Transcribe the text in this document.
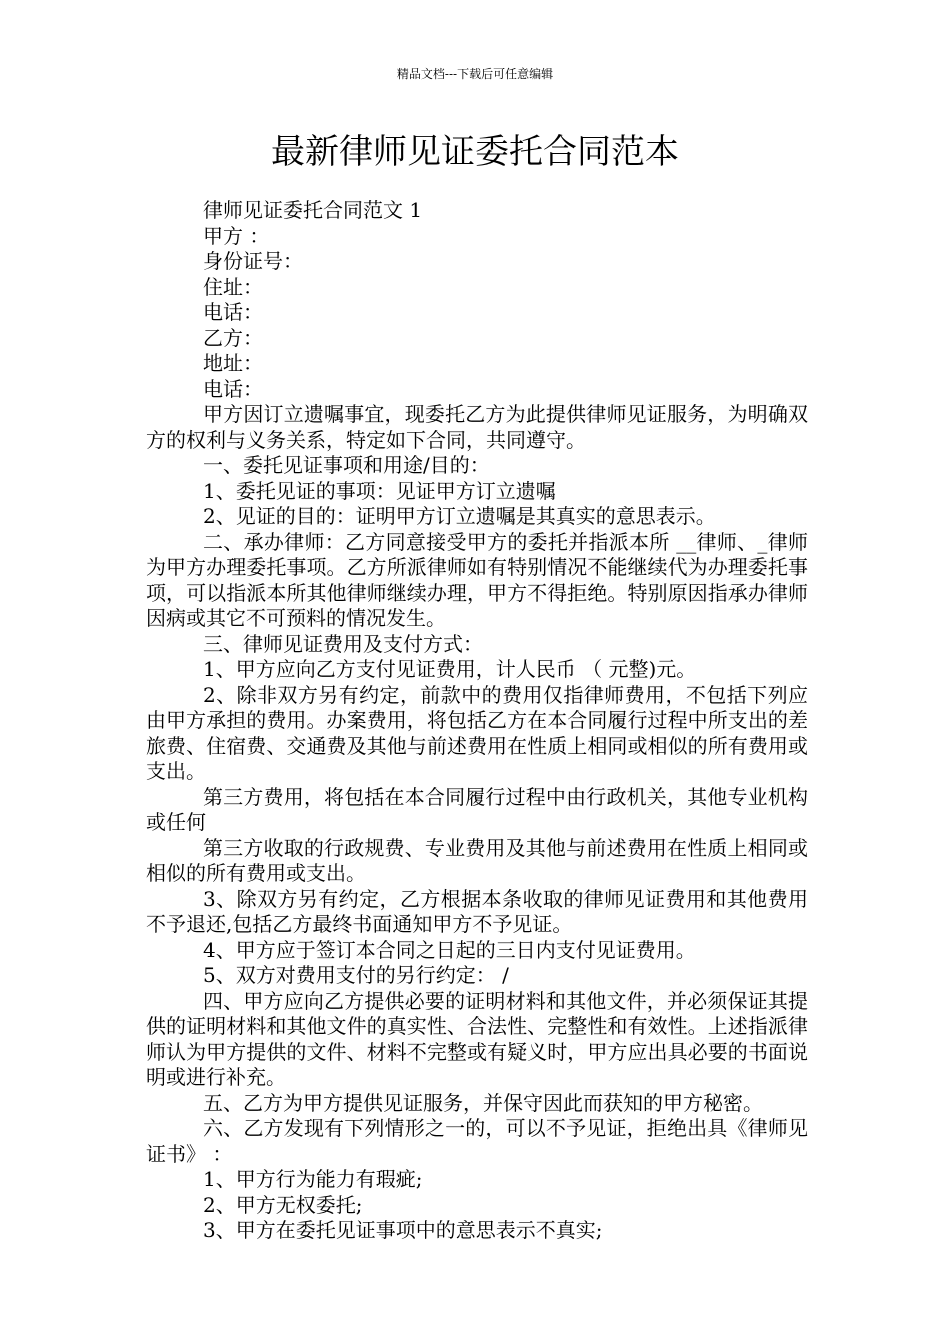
精品文档---下载后可任意编辑
最新律师见证委托合同范本

律师见证委托合同范文 1

甲方 ：

身份证号：

住址：

电话：

乙方：

地址：

电话：

甲方因订立遗嘱事宜，现委托乙方为此提供律师见证服务，为明确双方的权利与义务关系，特定如下合同，共同遵守。

一、委托见证事项和用途/目的：

1、委托见证的事项：见证甲方订立遗嘱

2、见证的目的：证明甲方订立遗嘱是其真实的意思表示。

二、承办律师：乙方同意接受甲方的委托并指派本所 __律师、_律师为甲方办理委托事项。乙方所派律师如有特别情况不能继续代为办理委托事项，可以指派本所其他律师继续办理，甲方不得拒绝。特别原因指承办律师因病或其它不可预料的情况发生。

三、律师见证费用及支付方式：

1、甲方应向乙方支付见证费用，计人民币 （ 元整)元。

2、除非双方另有约定，前款中的费用仅指律师费用，不包括下列应由甲方承担的费用。办案费用，将包括乙方在本合同履行过程中所支出的差旅费、住宿费、交通费及其他与前述费用在性质上相同或相似的所有费用或支出。

第三方费用，将包括在本合同履行过程中由行政机关，其他专业机构或任何

第三方收取的行政规费、专业费用及其他与前述费用在性质上相同或相似的所有费用或支出。

3、除双方另有约定，乙方根据本条收取的律师见证费用和其他费用不予退还,包括乙方最终书面通知甲方不予见证。

4、甲方应于签订本合同之日起的三日内支付见证费用。

5、双方对费用支付的另行约定： /

四、甲方应向乙方提供必要的证明材料和其他文件，并必须保证其提供的证明材料和其他文件的真实性、合法性、完整性和有效性。上述指派律师认为甲方提供的文件、材料不完整或有疑义时，甲方应出具必要的书面说明或进行补充。

五、乙方为甲方提供见证服务，并保守因此而获知的甲方秘密。

六、乙方发现有下列情形之一的，可以不予见证，拒绝出具《律师见证书》 ：

1、甲方行为能力有瑕疵;

2、甲方无权委托;

3、甲方在委托见证事项中的意思表示不真实;
